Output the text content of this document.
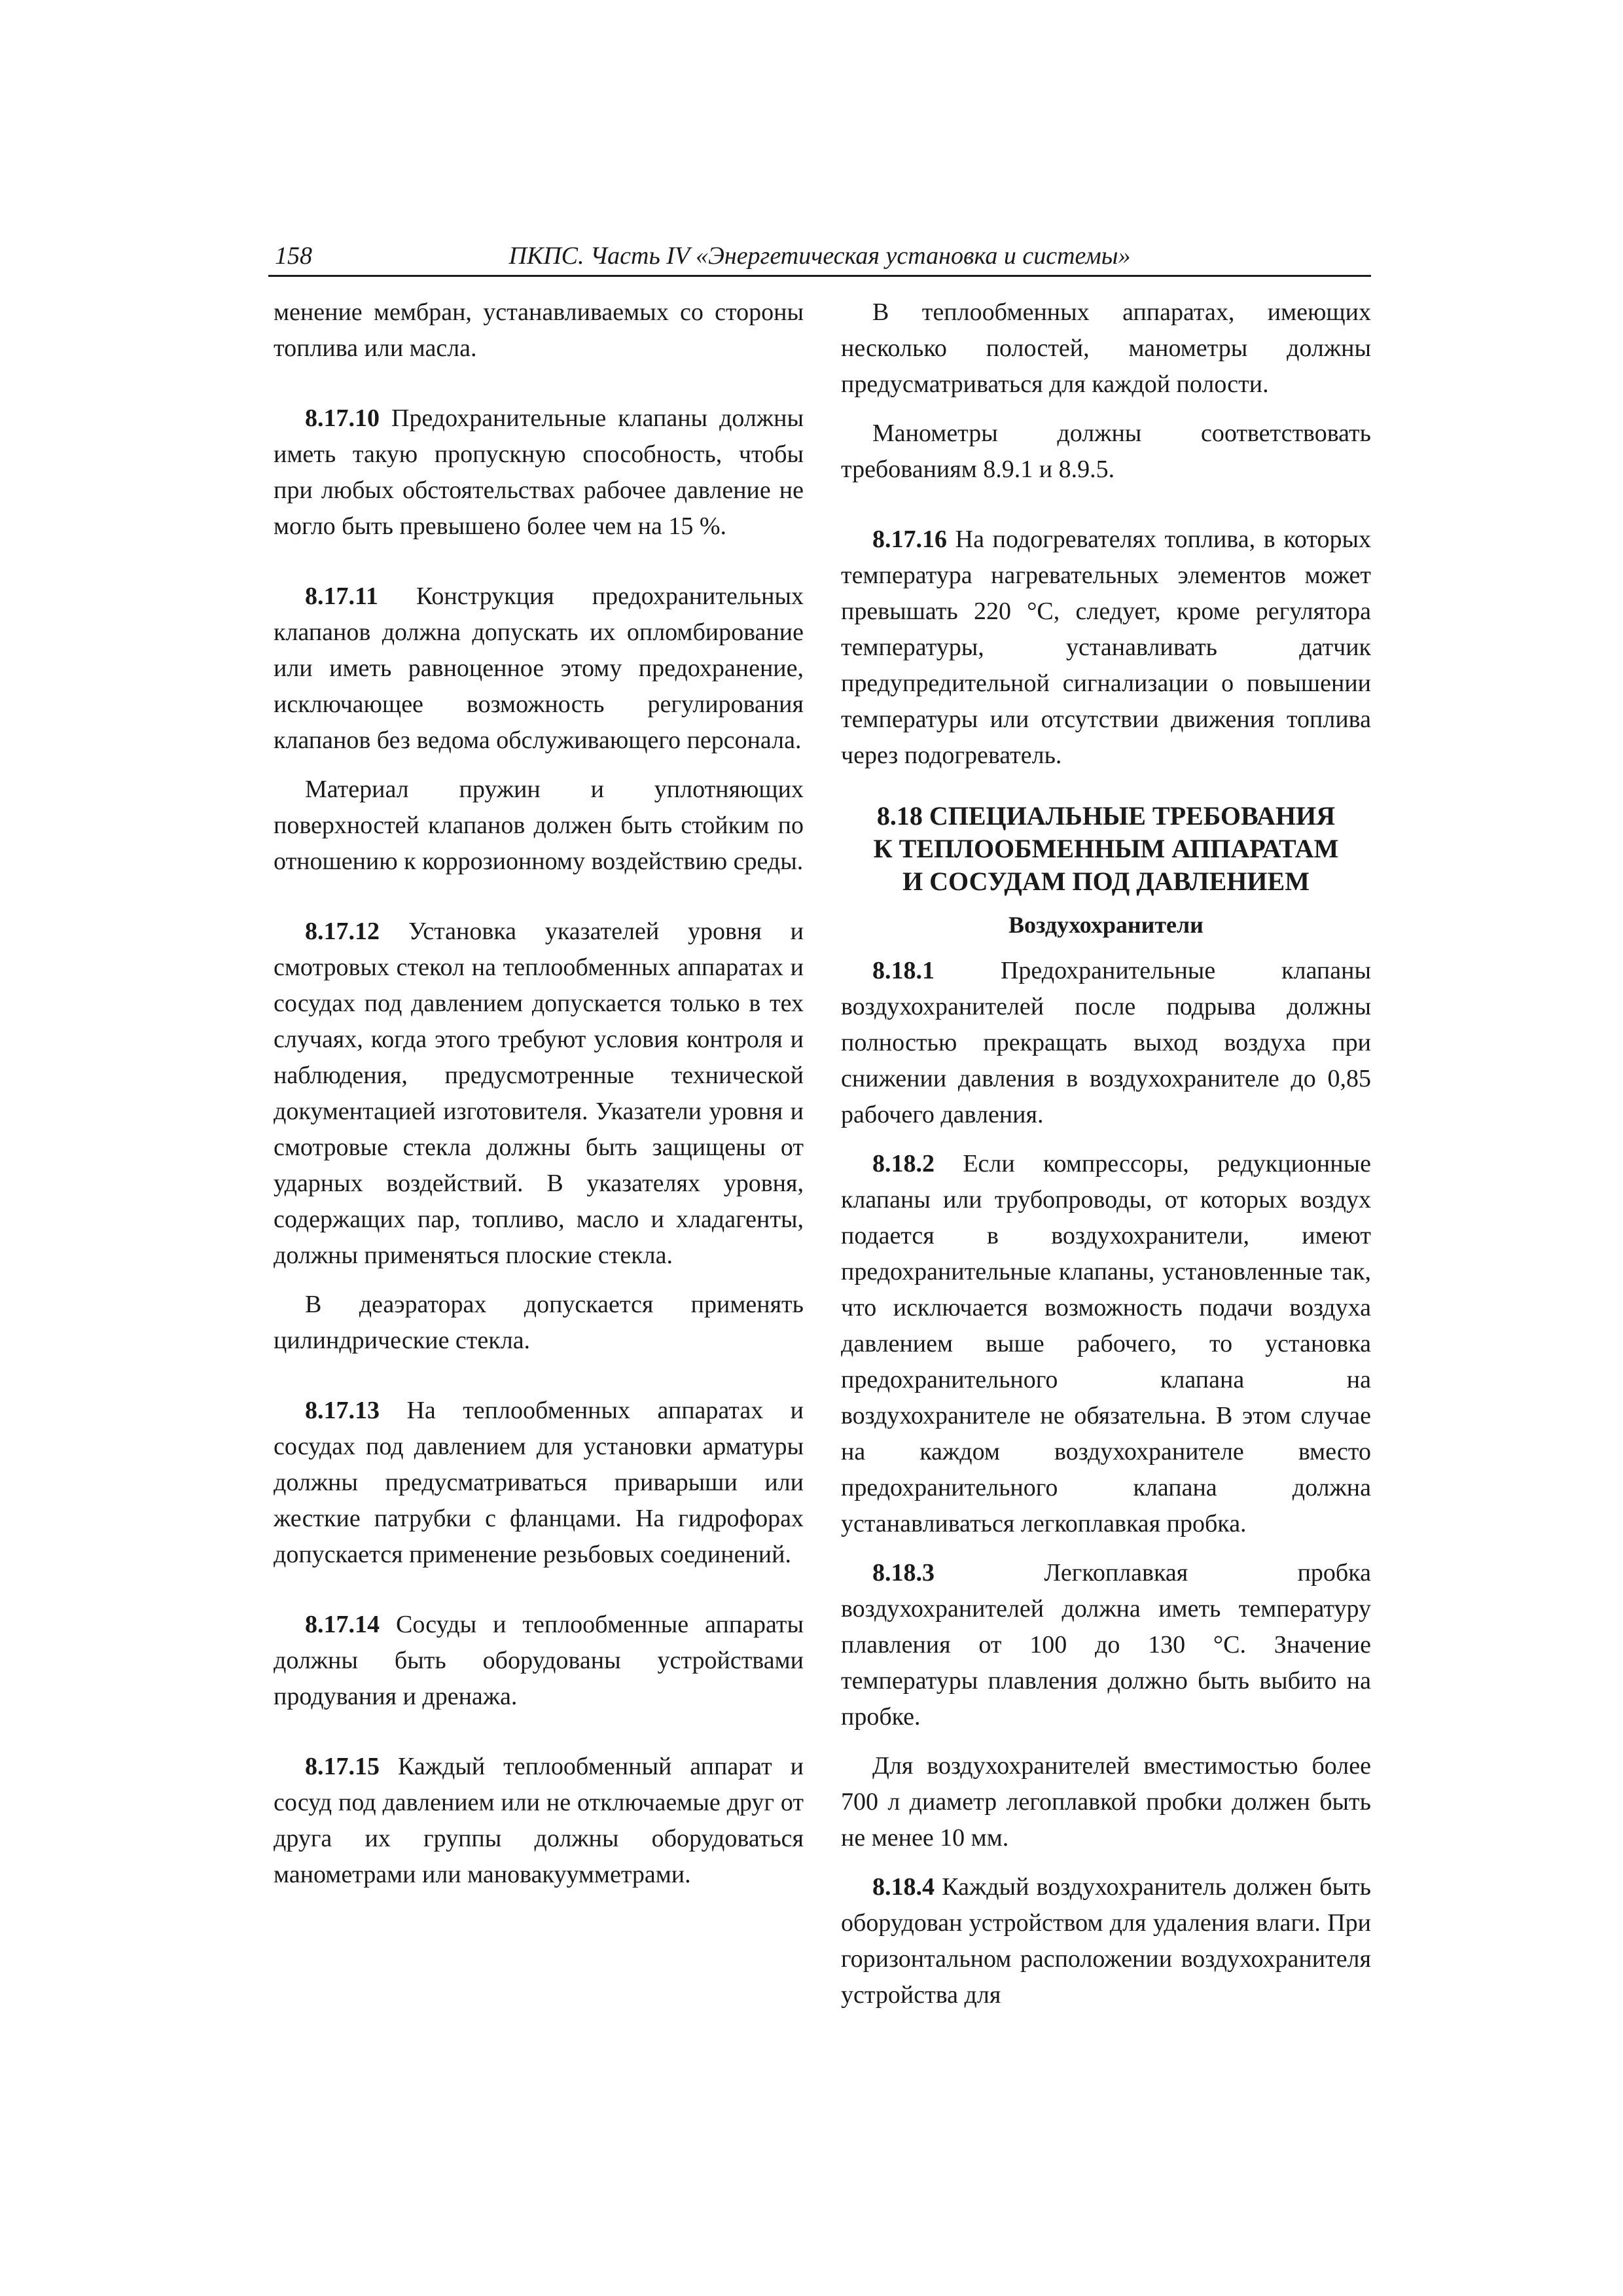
158	ПКПС. Часть IV «Энергетическая установка и системы»

менение мембран, устанавливаемых со стороны топлива или масла.

8.17.10 Предохранительные клапаны должны иметь такую пропускную способность, чтобы при любых обстоятельствах рабочее давление не могло быть превышено более чем на 15 %.

8.17.11 Конструкция предохранительных клапанов должна допускать их опломбирование или иметь равноценное этому предохранение, исключающее возможность регулирования клапанов без ведома обслуживающего персонала.

Материал пружин и уплотняющих поверхностей клапанов должен быть стойким по отношению к коррозионному воздействию среды.

8.17.12 Установка указателей уровня и смотровых стекол на теплообменных аппаратах и сосудах под давлением допускается только в тех случаях, когда этого требуют условия контроля и наблюдения, предусмотренные технической документацией изготовителя. Указатели уровня и смотровые стекла должны быть защищены от ударных воздействий. В указателях уровня, содержащих пар, топливо, масло и хладагенты, должны применяться плоские стекла.

В деаэраторах допускается применять цилиндрические стекла.

8.17.13 На теплообменных аппаратах и сосудах под давлением для установки арматуры должны предусматриваться приварыши или жесткие патрубки с фланцами. На гидрофорах допускается применение резьбовых соединений.

8.17.14 Сосуды и теплообменные аппараты должны быть оборудованы устройствами продувания и дренажа.

8.17.15 Каждый теплообменный аппарат и сосуд под давлением или не отключаемые друг от друга их группы должны оборудоваться манометрами или мановакуумметрами.

В теплообменных аппаратах, имеющих несколько полостей, манометры должны предусматриваться для каждой полости.

Манометры должны соответствовать требованиям 8.9.1 и 8.9.5.

8.17.16 На подогревателях топлива, в которых температура нагревательных элементов может превышать 220 °С, следует, кроме регулятора температуры, устанавливать датчик предупредительной сигнализации о повышении температуры или отсутствии движения топлива через подогреватель.

8.18 СПЕЦИАЛЬНЫЕ ТРЕБОВАНИЯ
К ТЕПЛООБМЕННЫМ АППАРАТАМ
И СОСУДАМ ПОД ДАВЛЕНИЕМ
Воздухохранители

8.18.1 Предохранительные клапаны воздухохранителей после подрыва должны полностью прекращать выход воздуха при снижении давления в воздухохранителе до 0,85 рабочего давления.

8.18.2 Если компрессоры, редукционные клапаны или трубопроводы, от которых воздух подается в воздухохранители, имеют предохранительные клапаны, установленные так, что исключается возможность подачи воздуха давлением выше рабочего, то установка предохранительного клапана на воздухохранителе не обязательна. В этом случае на каждом воздухохранителе вместо предохранительного клапана должна устанавливаться легкоплавкая пробка.

8.18.3 Легкоплавкая пробка воздухохранителей должна иметь температуру плавления от 100 до 130 °С. Значение температуры плавления должно быть выбито на пробке.

Для воздухохранителей вместимостью более 700 л диаметр легоплавкой пробки должен быть не менее 10 мм.

8.18.4 Каждый воздухохранитель должен быть оборудован устройством для удаления влаги. При горизонтальном расположении воздухохранителя устройства для
